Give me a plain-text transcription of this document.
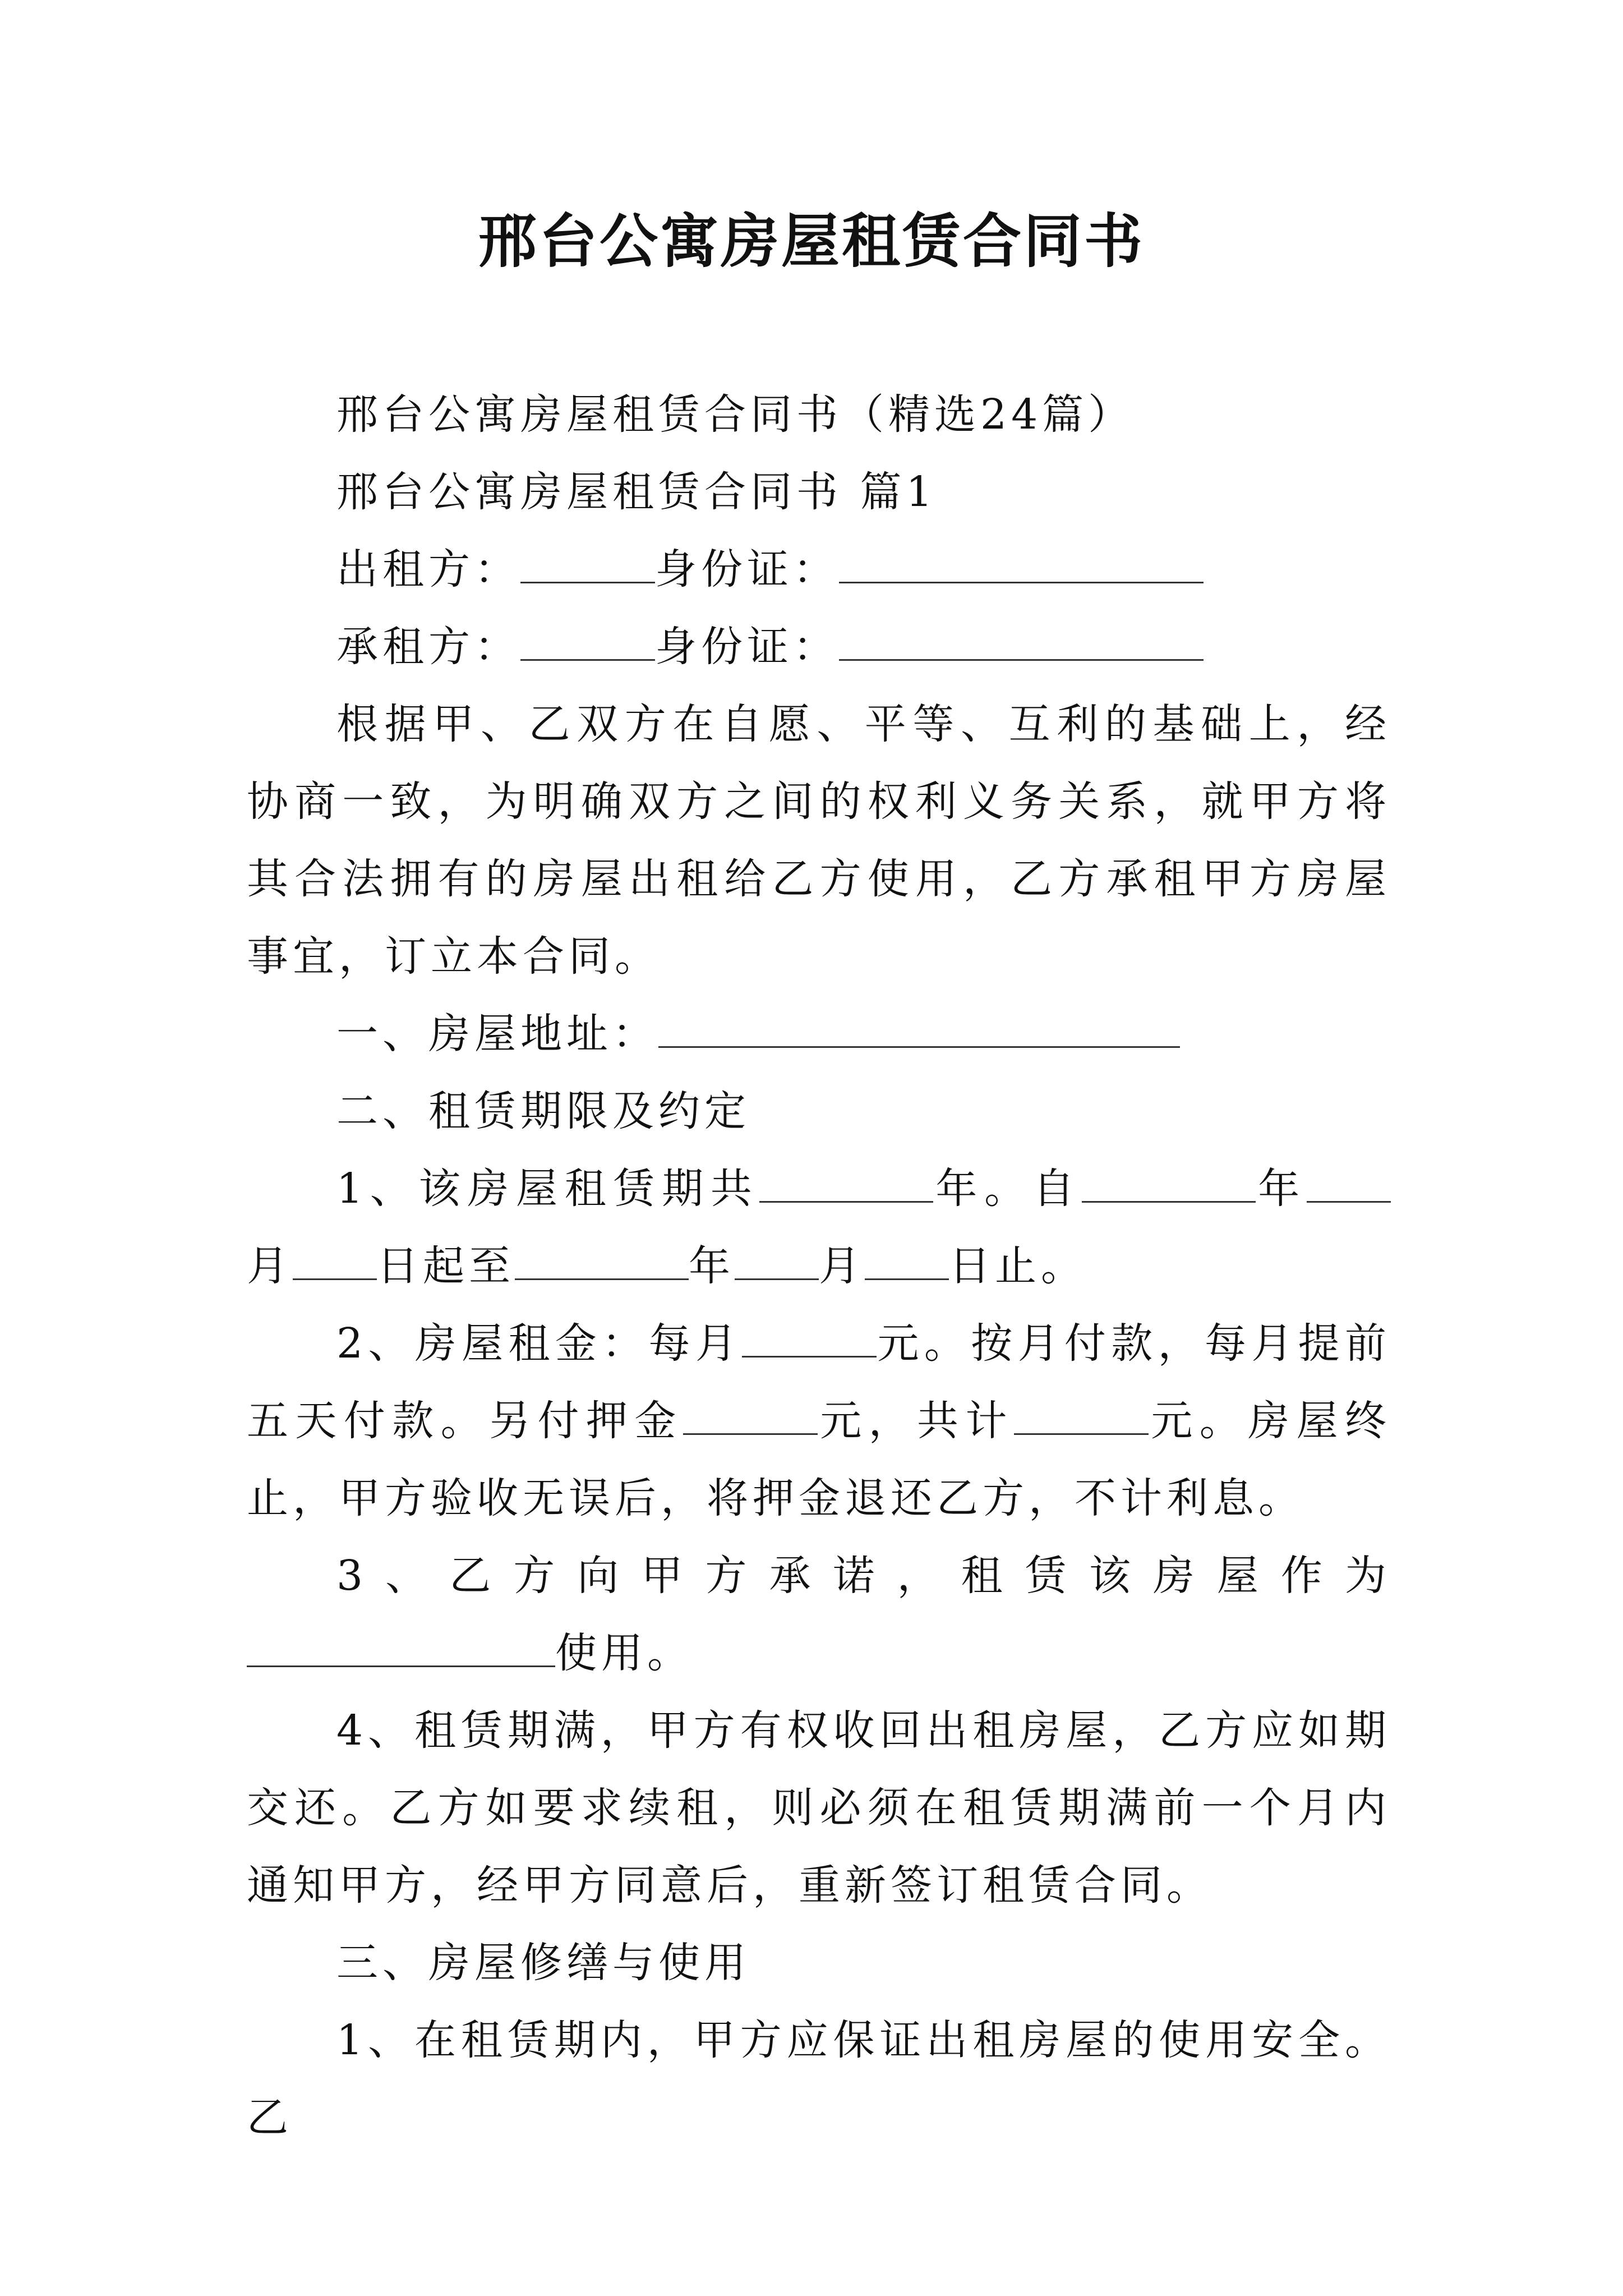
邢台公寓房屋租赁合同书

邢台公寓房屋租赁合同书（精选24篇）

邢台公寓房屋租赁合同书 篇1

出租方：	身份证：

承租方：	身份证：

根据甲、乙双方在自愿、平等、互利的基础上，经协商一致，为明确双方之间的权利义务关系，就甲方将其合法拥有的房屋出租给乙方使用，乙方承租甲方房屋事宜，订立本合同。

一、房屋地址：

二、租赁期限及约定

1、该房屋租赁期共	年。自	年月 日起至	年 月 日止。

2、房屋租金：每月	元。按月付款，每月提前五天付款。另付押金	元，共计	元。房屋终止，甲方验收无误后，将押金退还乙方，不计利息。

3、乙方向甲方承诺，租赁该房屋作为使用。

4、租赁期满，甲方有权收回出租房屋，乙方应如期交还。乙方如要求续租，则必须在租赁期满前一个月内通知甲方，经甲方同意后，重新签订租赁合同。

三、房屋修缮与使用

1、在租赁期内，甲方应保证出租房屋的使用安全。乙
